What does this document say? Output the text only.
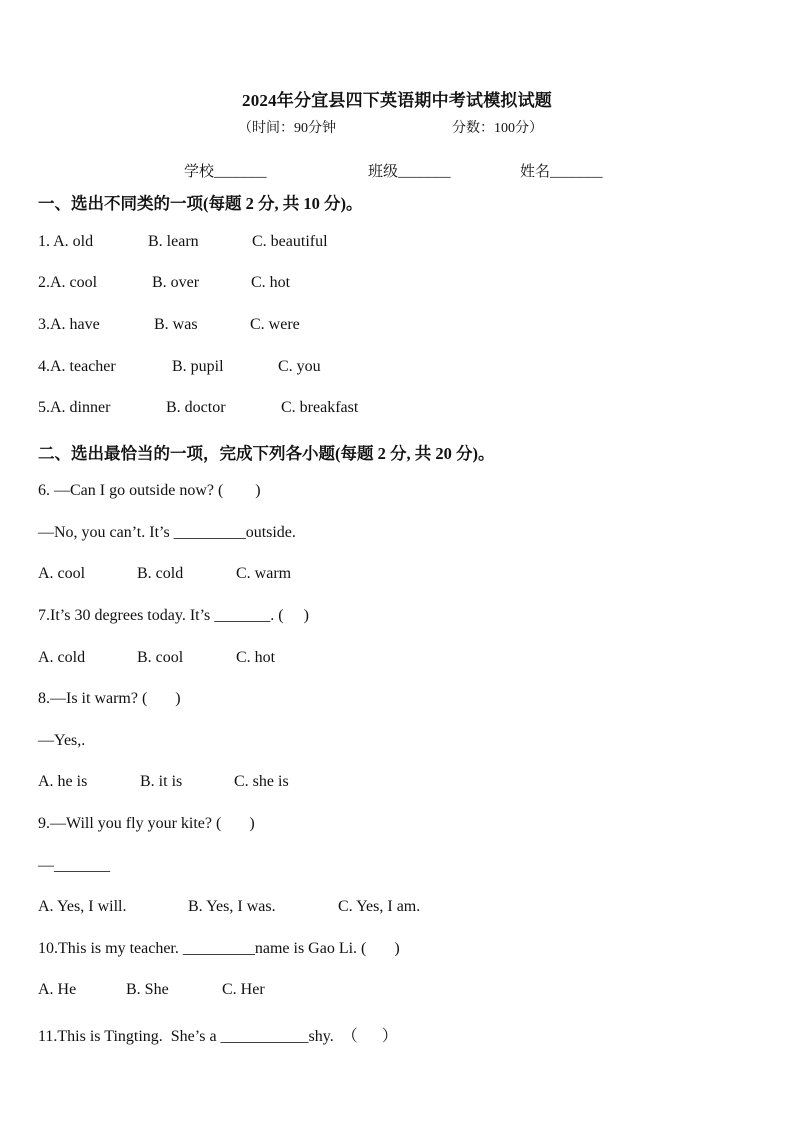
2024年分宜县四下英语期中考试模拟试题
（时间：90分钟	分数：100分）
学校_______	班级_______	姓名_______
一、选出不同类的一项(每题 2 分, 共 10 分)。
1. A. old	B. learn	C. beautiful
2.A. cool	B. over	C. hot
3.A. have	B. was	C. were
4.A. teacher	B. pupil	C. you
5.A. dinner	B. doctor	C. breakfast
二、选出最恰当的一项，完成下列各小题(每题 2 分, 共 20 分)。
6. —Can I go outside now? (        )
—No, you can’t. It’s _________outside.
A. cool	B. cold	C. warm
7.It’s 30 degrees today. It’s _______. (     )
A. cold	B. cool	C. hot
8.—Is it warm? (       )
—Yes,.
A. he is	B. it is	C. she is
9.—Will you fly your kite? (       )
—_______
A. Yes, I will.	B. Yes, I was.	C. Yes, I am.
10.This is my teacher. _________name is Gao Li. (       )
A. He	B. She	C. Her
11.This is Tingting.  She’s a ___________shy.  （      ）
